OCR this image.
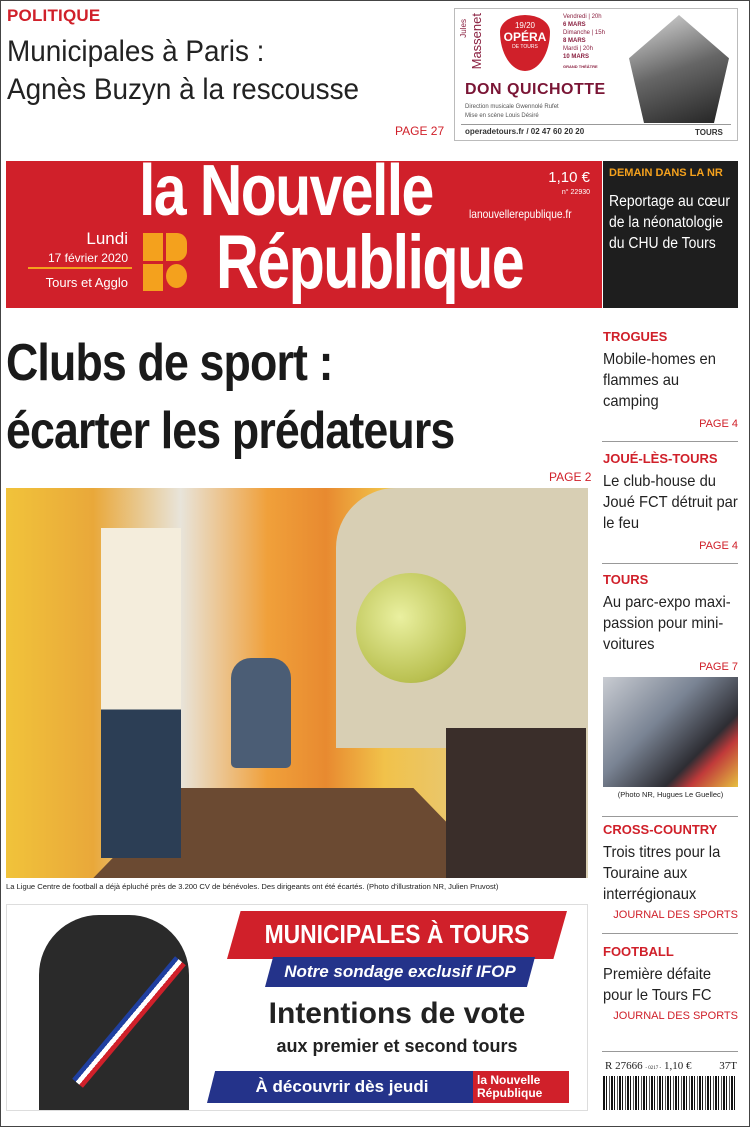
POLITIQUE
Municipales à Paris :
Agnès Buzyn à la rescousse
PAGE 27
Jules Massenet	19/20
OPÉRA
DE TOURS
Vendredi | 20h
6 MARS
Dimanche | 15h
8 MARS
Mardi | 20h
10 MARS
GRAND THÉÂTRE
DON QUICHOTTE
Direction musicale Gwennolé Rufet
Mise en scène Louis Désiré
operadetours.fr / 02 47 60 20 20	TOURS
Lundi
17 février 2020
Tours et Agglo
la Nouvelle
République
lanouvellerepublique.fr
1,10 €
n° 22930
DEMAIN DANS LA NR
Reportage au cœur de la néonatologie du CHU de Tours
Clubs de sport :
écarter les prédateurs
PAGE 2
La Ligue Centre de football a déjà épluché près de 3.200 CV de bénévoles. Des dirigeants ont été écartés. (Photo d'illustration NR, Julien Pruvost)
MUNICIPALES À TOURS
Notre sondage exclusif IFOP
Intentions de vote
aux premier et second tours
À découvrir dès jeudi	la Nouvelle
République
TROGUES
Mobile-homes en flammes au camping
PAGE 4
JOUÉ-LÈS-TOURS
Le club-house du Joué FCT détruit par le feu
PAGE 4
TOURS
Au parc-expo maxi-passion pour mini-voitures
PAGE 7
(Photo NR, Hugues Le Guellec)
CROSS-COUNTRY
Trois titres pour la Touraine aux interrégionaux
JOURNAL DES SPORTS
FOOTBALL
Première défaite pour le Tours FC
JOURNAL DES SPORTS
R 27666 - 0217 - 1,10 €	37T
